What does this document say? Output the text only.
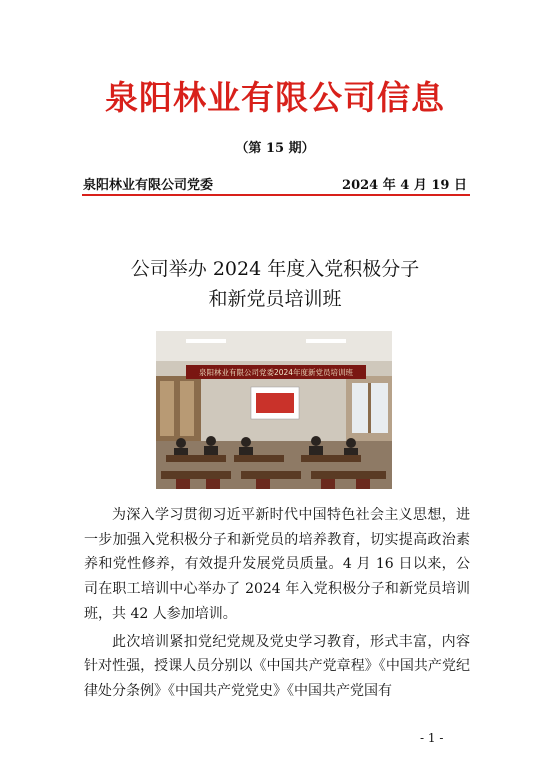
泉阳林业有限公司信息
（第 15 期）
泉阳林业有限公司党委	2024 年 4 月 19 日
公司举办 2024 年度入党积极分子
和新党员培训班
泉阳林业有限公司党委2024年度新党员培训班

为深入学习贯彻习近平新时代中国特色社会主义思想，进一步加强入党积极分子和新党员的培养教育，切实提高政治素养和党性修养，有效提升发展党员质量。4 月 16 日以来，公司在职工培训中心举办了 2024 年入党积极分子和新党员培训班，共 42 人参加培训。

此次培训紧扣党纪党规及党史学习教育，形式丰富，内容针对性强，授课人员分别以《中国共产党章程》《中国共产党纪律处分条例》《中国共产党党史》《中国共产党国有

- 1 -
